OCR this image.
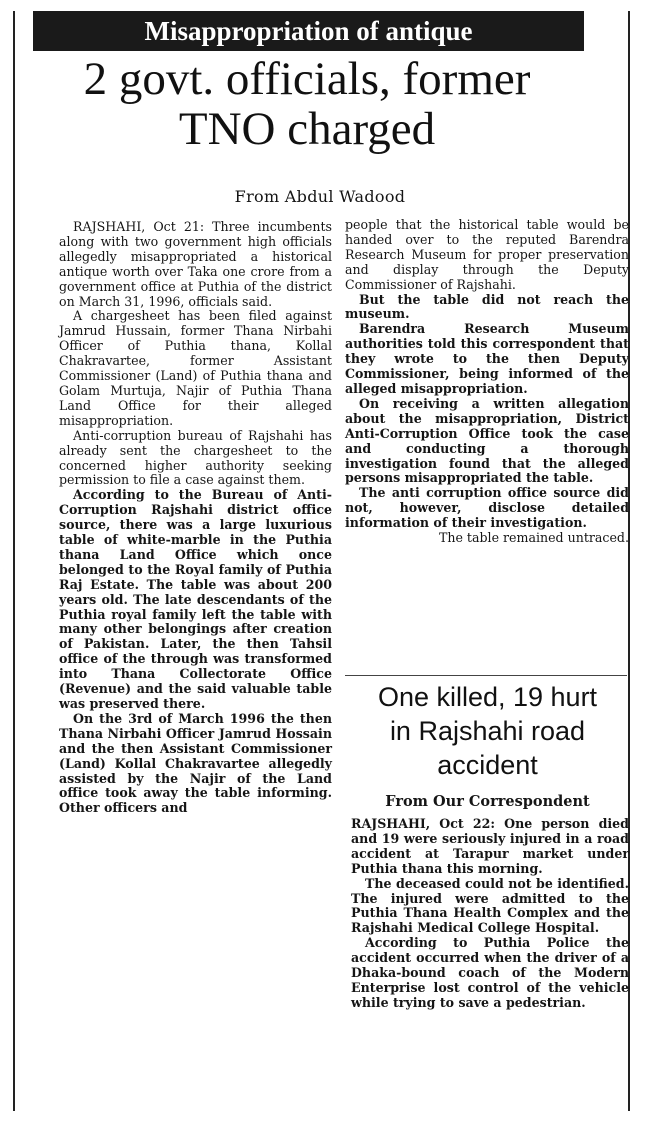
Misappropriation of antique
2 govt. officials, former
TNO charged
From Abdul Wadood

RAJSHAHI, Oct 21: Three incumbents along with two government high officials allegedly misappropriated a historical antique worth over Taka one crore from a government office at Puthia of the district on March 31, 1996, officials said.

A chargesheet has been filed against Jamrud Hussain, former Thana Nirbahi Officer of Puthia thana, Kollal Chakravartee, former Assistant Commissioner (Land) of Puthia thana and Golam Murtuja, Najir of Puthia Thana Land Office for their alleged misappropriation.

Anti-corruption bureau of Rajshahi has already sent the chargesheet to the concerned higher authority seeking permission to file a case against them.

According to the Bureau of Anti-Corruption Rajshahi district office source, there was a large luxurious table of white-marble in the Puthia thana Land Office which once belonged to the Royal family of Puthia Raj Estate. The table was about 200 years old. The late descendants of the Puthia royal family left the table with many other belongings after creation of Pakistan. Later, the then Tahsil office of the through was transformed into Thana Collectorate Office (Revenue) and the said valuable table was preserved there.

On the 3rd of March 1996 the then Thana Nirbahi Officer Jamrud Hossain and the then Assistant Commissioner (Land) Kollal Chakravartee allegedly assisted by the Najir of the Land office took away the table informing. Other officers and

people that the historical table would be handed over to the reputed Barendra Research Museum for proper preservation and display through the Deputy Commissioner of Rajshahi.

But the table did not reach the museum.

Barendra Research Museum authorities told this correspondent that they wrote to the then Deputy Commissioner, being informed of the alleged misappropriation.

On receiving a written allegation about the misappropriation, District Anti-Corruption Office took the case and conducting a thorough investigation found that the alleged persons misappropriated the table.

The anti corruption office source did not, however, disclose detailed information of their investigation.

The table remained untraced.

One killed, 19 hurt
in Rajshahi road
accident
From Our Correspondent

RAJSHAHI, Oct 22: One person died and 19 were seriously injured in a road accident at Tarapur market under Puthia thana this morning.

The deceased could not be identified. The injured were admitted to the Puthia Thana Health Complex and the Rajshahi Medical College Hospital.

According to Puthia Police the accident occurred when the driver of a Dhaka-bound coach of the Modern Enterprise lost control of the vehicle while trying to save a pedestrian.
